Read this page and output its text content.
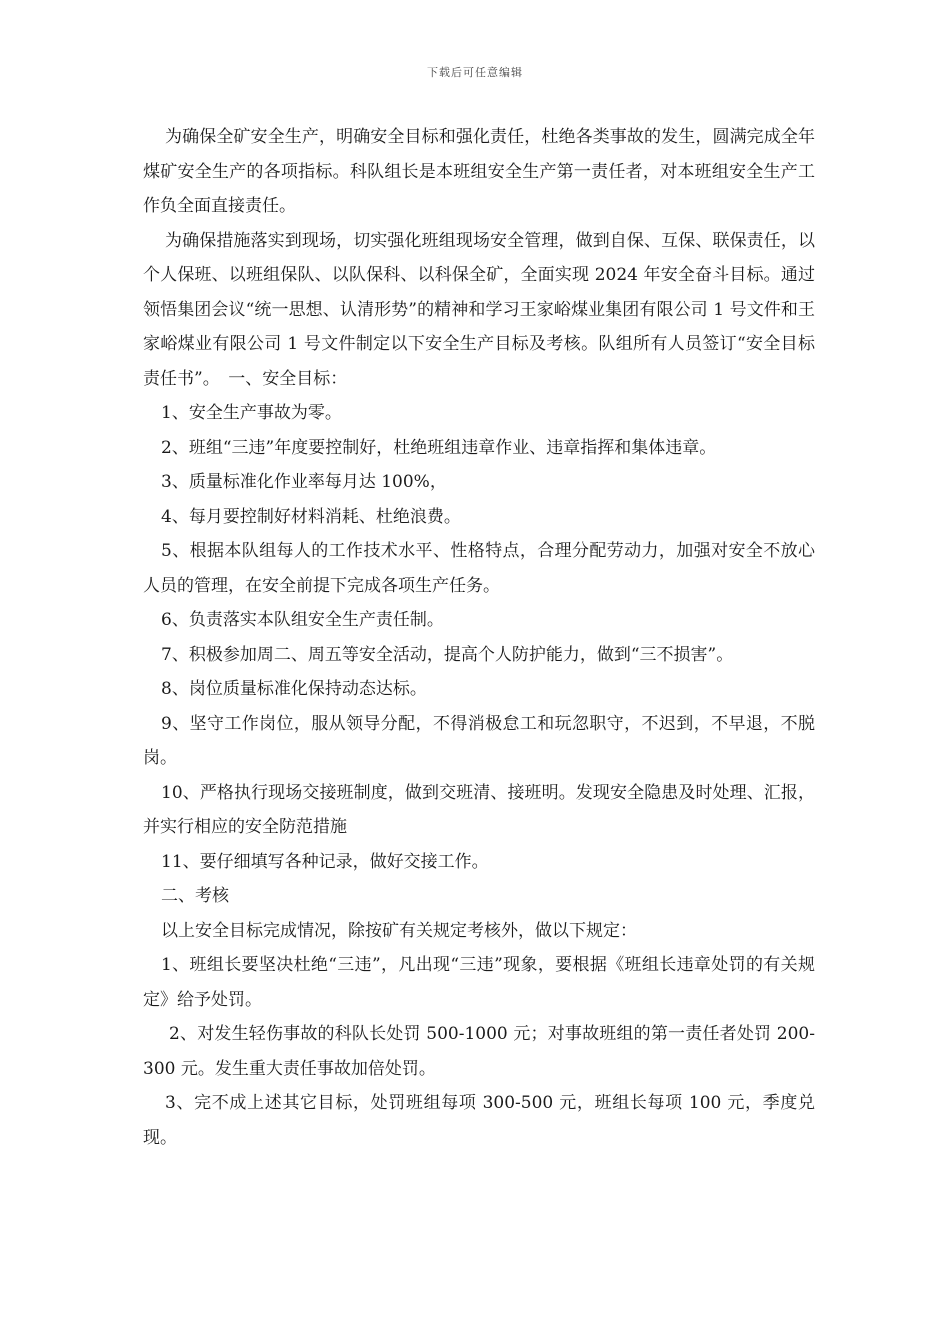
下载后可任意编辑

为确保全矿安全生产，明确安全目标和强化责任，杜绝各类事故的发生，圆满完成全年煤矿安全生产的各项指标。科队组长是本班组安全生产第一责任者，对本班组安全生产工作负全面直接责任。

为确保措施落实到现场，切实强化班组现场安全管理，做到自保、互保、联保责任，以个人保班、以班组保队、以队保科、以科保全矿，全面实现 2024 年安全奋斗目标。通过领悟集团会议“统一思想、认清形势”的精神和学习王家峪煤业集团有限公司 1 号文件和王家峪煤业有限公司 1 号文件制定以下安全生产目标及考核。队组所有人员签订“安全目标责任书”。　一、安全目标：

1、安全生产事故为零。

2、班组“三违”年度要控制好，杜绝班组违章作业、违章指挥和集体违章。

3、质量标准化作业率每月达 100%，

4、每月要控制好材料消耗、杜绝浪费。

5、根据本队组每人的工作技术水平、性格特点，合理分配劳动力，加强对安全不放心人员的管理，在安全前提下完成各项生产任务。

6、负责落实本队组安全生产责任制。

7、积极参加周二、周五等安全活动，提高个人防护能力，做到“三不损害”。

8、岗位质量标准化保持动态达标。

9、坚守工作岗位，服从领导分配，不得消极怠工和玩忽职守，不迟到，不早退，不脱岗。

10、严格执行现场交接班制度，做到交班清、接班明。发现安全隐患及时处理、汇报，并实行相应的安全防范措施

11、要仔细填写各种记录，做好交接工作。

二、考核

以上安全目标完成情况，除按矿有关规定考核外，做以下规定：

1、班组长要坚决杜绝“三违”，凡出现“三违”现象，要根据《班组长违章处罚的有关规定》给予处罚。

2、对发生轻伤事故的科队长处罚 500-1000 元；对事故班组的第一责任者处罚 200-300 元。发生重大责任事故加倍处罚。

3、完不成上述其它目标，处罚班组每项 300-500 元，班组长每项 100 元，季度兑现。
